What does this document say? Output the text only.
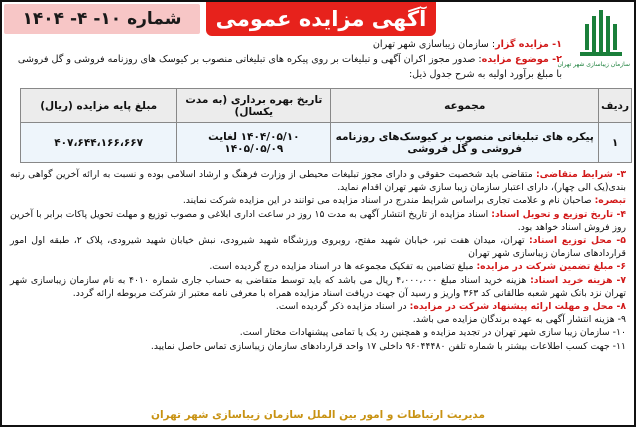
شماره ۱۰- ۴- ۱۴۰۴	آگهی مزایده عمومی
سازمان زیباسازی شهر تهران
۱- مزایده گزار: سازمان زیباسازی شهر تهران
۲- موضوع مزایده: صدور مجوز اکران آگهی و تبلیغات بر روی پیکره های تبلیغاتی منصوب بر کیوسک های روزنامه فروشی و گل فروشی
با مبلغ برآورد اولیه به شرح جدول ذیل:
ردیف	مجموعه	تاریخ بهره برداری (به مدت یکسال)	مبلغ پایه مزایده (ریال)
۱	پیکره های تبلیغاتی منصوب بر کیوسک‌های روزنامه فروشی و گل فروشی	۱۴۰۴/۰۵/۱۰ لغایت ۱۴۰۵/۰۵/۰۹	۴۰۷،۶۴۴،۱۶۶،۶۶۷

۳- شرایط متقاضی: متقاضی باید شخصیت حقوقی و دارای مجوز تبلیغات محیطی از وزارت فرهنگ و ارشاد اسلامی بوده و نسبت به ارائه آخرین گواهی رتبه بندی(یک الی چهار)، دارای اعتبار سازمان زیبا سازی شهر تهران اقدام نماید.

تبصره: صاحبان نام و علامت تجاری براساس شرایط مندرج در اسناد مزایده می توانند در این مزایده شرکت نمایند.

۴- تاریخ توزیع و تحویل اسناد: اسناد مزایده از تاریخ انتشار آگهی به مدت ۱۵ روز در ساعت اداری ابلاغی و مصوب توزیع و مهلت تحویل پاکات برابر با آخرین روز فروش اسناد خواهد بود.

۵- محل توزیع اسناد: تهران، میدان هفت تیر، خیابان شهید مفتح، روبروی ورزشگاه شهید شیرودی، نبش خیابان شهید شیرودی، پلاک ۲، طبقه اول امور قراردادهای سازمان زیباسازی شهر تهران

۶- مبلغ تضمین شرکت در مزایده: مبلغ تضامین به تفکیک مجموعه ها در اسناد مزایده درج گردیده است.

۷- هزینه خرید اسناد: هزینه خرید اسناد مبلغ ۴،۰۰۰،۰۰۰ ریال می باشد که باید توسط متقاضی به حساب جاری شماره ۴۰۱۰ به نام سازمان زیباسازی شهر تهران نزد بانک شهر شعبه طالقانی کد ۳۶۳ واریز و رسید آن جهت دریافت اسناد مزایده همراه با معرفی نامه معتبر از شرکت مربوطه ارائه گردد.

۸- محل و مهلت ارائه پیشنهاد شرکت در مزایده: در اسناد مزایده ذکر گردیده است.

۹- هزینه انتشار آگهی به عهده برندگان مزایده می باشد.

۱۰- سازمان زیبا سازی شهر تهران در تجدید مزایده و همچنین رد یک یا تمامی پیشنهادات مختار است.

۱۱- جهت کسب اطلاعات بیشتر با شماره تلفن ۹۶۰۴۴۴۸۰ داخلی ۱۷ واحد قراردادهای سازمان زیباسازی تماس حاصل نمایید.

مدیریت ارتباطات و امور بین الملل سازمان زیباسازی شهر تهران
